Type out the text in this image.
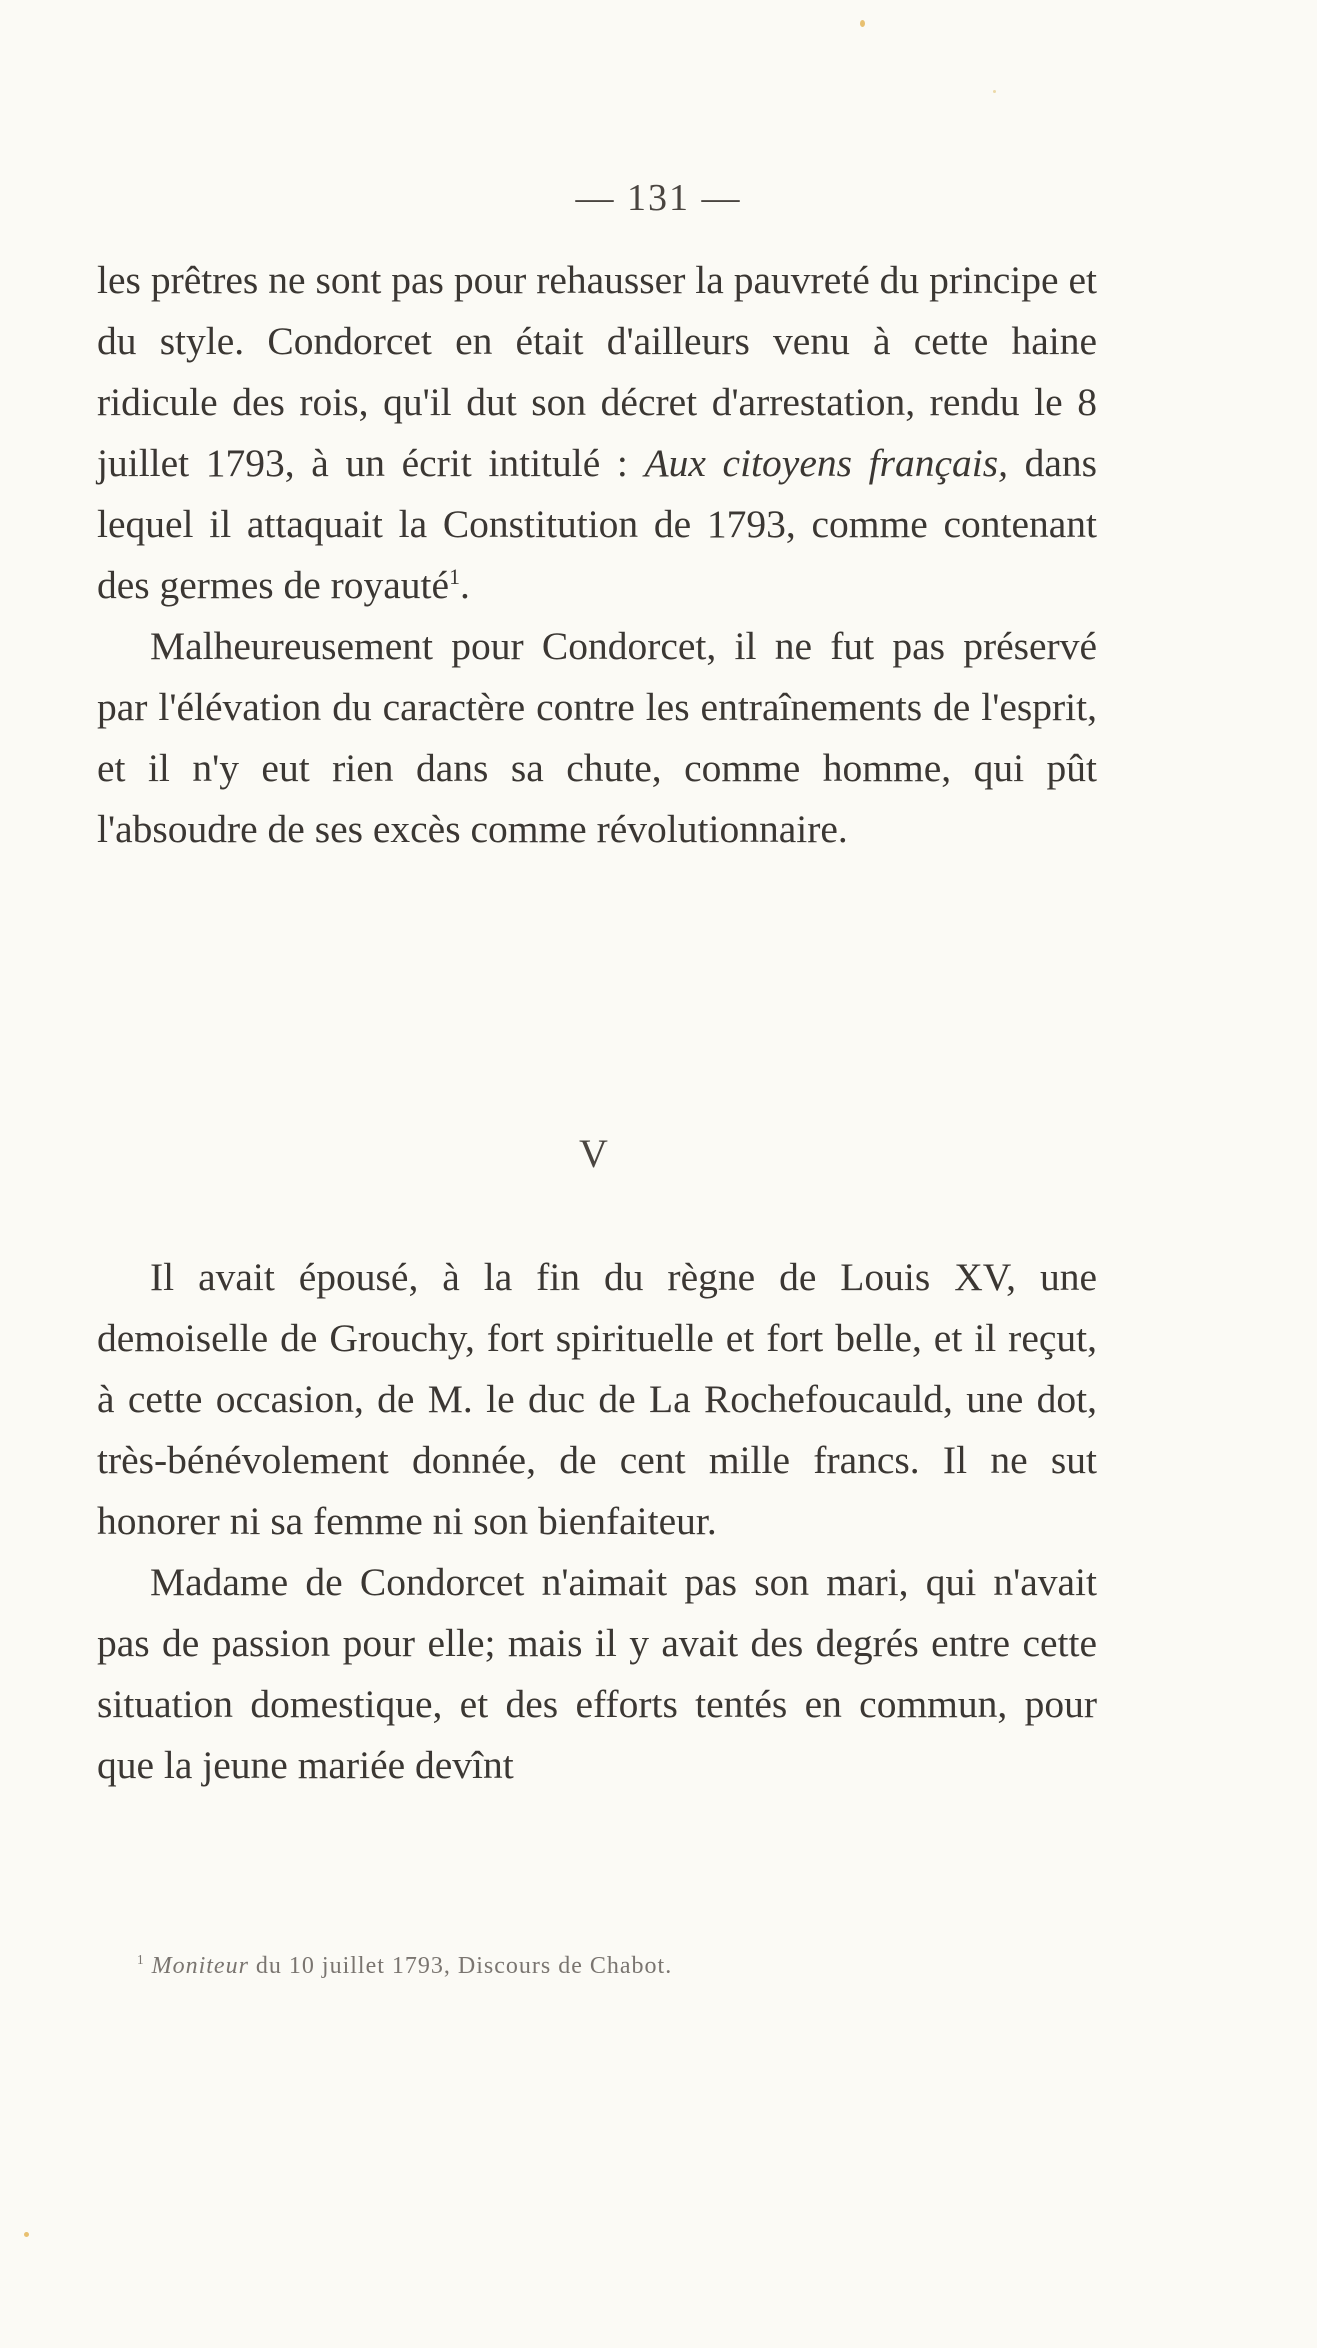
— 131 —

les prêtres ne sont pas pour rehausser la pauvreté du principe et du style. Condorcet en était d'ailleurs venu à cette haine ridicule des rois, qu'il dut son décret d'arrestation, rendu le 8 juillet 1793, à un écrit intitulé : Aux citoyens français, dans lequel il attaquait la Constitution de 1793, comme contenant des germes de royauté$^1$.

Malheureusement pour Condorcet, il ne fut pas préservé par l'élévation du caractère contre les entraînements de l'esprit, et il n'y eut rien dans sa chute, comme homme, qui pût l'absoudre de ses excès comme révolutionnaire.

V

Il avait épousé, à la fin du règne de Louis XV, une demoiselle de Grouchy, fort spirituelle et fort belle, et il reçut, à cette occasion, de M. le duc de La Rochefoucauld, une dot, très-bénévolement donnée, de cent mille francs. Il ne sut honorer ni sa femme ni son bienfaiteur.

Madame de Condorcet n'aimait pas son mari, qui n'avait pas de passion pour elle; mais il y avait des degrés entre cette situation domestique, et des efforts tentés en commun, pour que la jeune mariée devînt

$^1$ Moniteur du 10 juillet 1793, Discours de Chabot.
